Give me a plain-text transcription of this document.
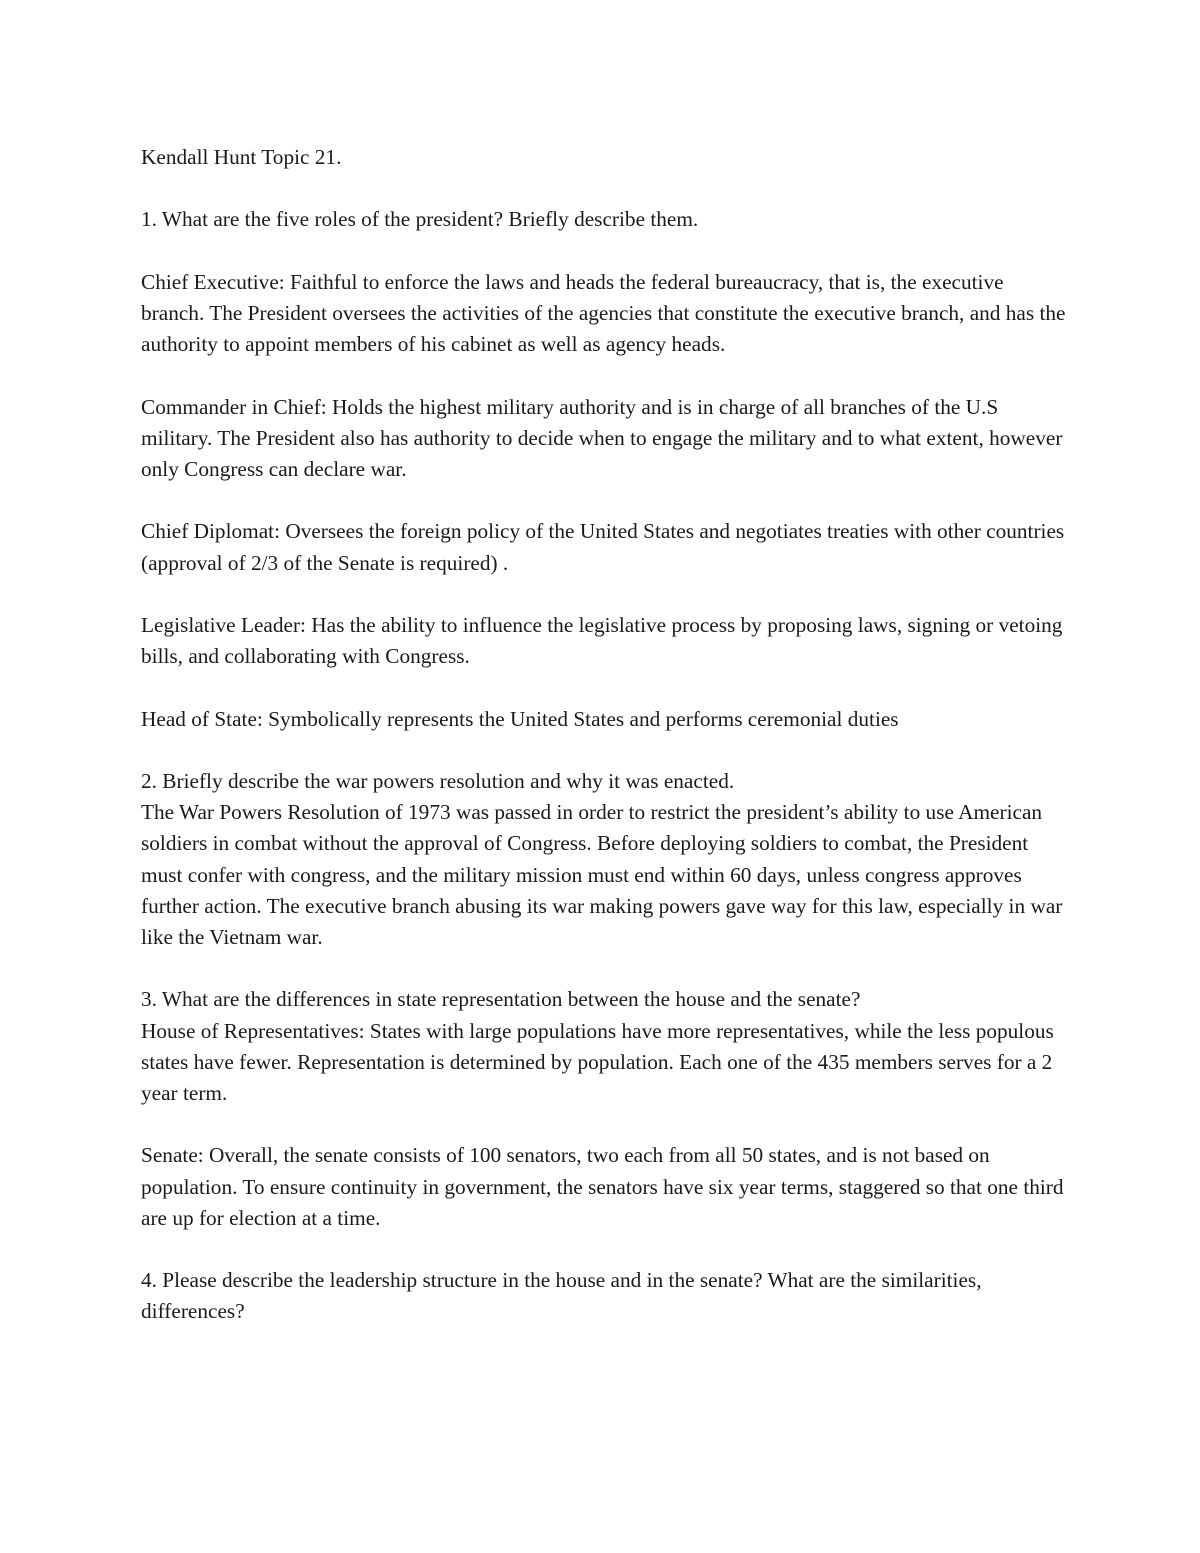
Kendall Hunt Topic 21.

1. What are the five roles of the president? Briefly describe them.

Chief Executive: Faithful to enforce the laws and heads the federal bureaucracy, that is, the executive branch. The President oversees the activities of the agencies that constitute the executive branch, and has the authority to appoint members of his cabinet as well as agency heads.

Commander in Chief: Holds the highest military authority and is in charge of all branches of the U.S military. The President also has authority to decide when to engage the military and to what extent, however only Congress can declare war.

Chief Diplomat: Oversees the foreign policy of the United States and negotiates treaties with other countries (approval of 2/3 of the Senate is required) .

Legislative Leader: Has the ability to influence the legislative process by proposing laws, signing or vetoing bills, and collaborating with Congress.

Head of State: Symbolically represents the United States and performs ceremonial duties

2. Briefly describe the war powers resolution and why it was enacted.

The War Powers Resolution of 1973 was passed in order to restrict the president’s ability to use American soldiers in combat without the approval of Congress. Before deploying soldiers to combat, the President must confer with congress, and the military mission must end within 60 days, unless congress approves further action. The executive branch abusing its war making powers gave way for this law, especially in war like the Vietnam war.

3. What are the differences in state representation between the house and the senate?

House of Representatives: States with large populations have more representatives, while the less populous states have fewer. Representation is determined by population. Each one of the 435 members serves for a 2 year term.

Senate: Overall, the senate consists of 100 senators, two each from all 50 states, and is not based on population. To ensure continuity in government, the senators have six year terms, staggered so that one third are up for election at a time.

4. Please describe the leadership structure in the house and in the senate? What are the similarities, differences?
